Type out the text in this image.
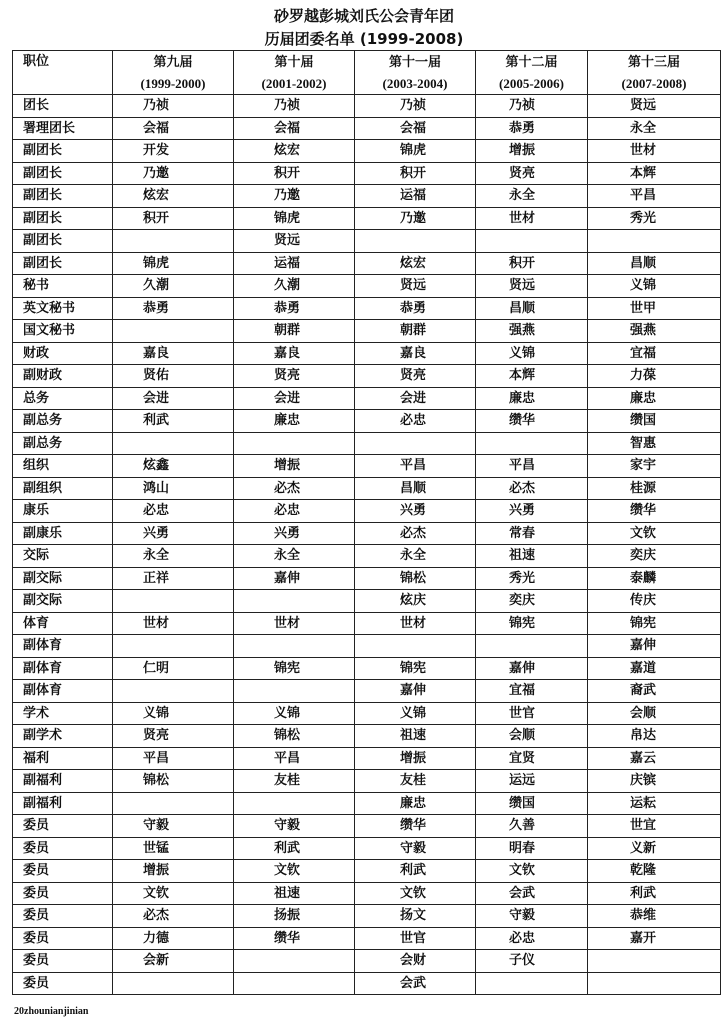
砂罗越彭城刘氏公会青年团
历届团委名单 (1999-2008)
职位	第九届	第十届	第十一届	第十二届	第十三届
	(1999-2000)	(2001-2002)	(2003-2004)	(2005-2006)	(2007-2008)
团长	乃祯	乃祯	乃祯	乃祯	贤远
署理团长	会福	会福	会福	恭勇	永全
副团长	开发	炫宏	锦虎	增振	世材
副团长	乃邀	积开	积开	贤亮	本辉
副团长	炫宏	乃邀	运福	永全	平昌
副团长	积开	锦虎	乃邀	世材	秀光
副团长		贤远			
副团长	锦虎	运福	炫宏	积开	昌顺
秘书	久潮	久潮	贤远	贤远	义锦
英文秘书	恭勇	恭勇	恭勇	昌顺	世甲
国文秘书		朝群	朝群	强燕	强燕
财政	嘉良	嘉良	嘉良	义锦	宜福
副财政	贤佑	贤亮	贤亮	本辉	力葆
总务	会进	会进	会进	廉忠	廉忠
副总务	利武	廉忠	必忠	缵华	缵国
副总务					智惠
组织	炫鑫	增振	平昌	平昌	家宇
副组织	鸿山	必杰	昌顺	必杰	桂源
康乐	必忠	必忠	兴勇	兴勇	缵华
副康乐	兴勇	兴勇	必杰	常春	文钦
交际	永全	永全	永全	祖速	奕庆
副交际	正祥	嘉伸	锦松	秀光	泰麟
副交际			炫庆	奕庆	传庆
体育	世材	世材	世材	锦宪	锦宪
副体育					嘉伸
副体育	仁明	锦宪	锦宪	嘉伸	嘉道
副体育			嘉伸	宜福	裔武
学术	义锦	义锦	义锦	世官	会顺
副学术	贤亮	锦松	祖速	会顺	帛达
福利	平昌	平昌	增振	宜贤	嘉云
副福利	锦松	友桂	友桂	运远	庆镔
副福利			廉忠	缵国	运耘
委员	守毅	守毅	缵华	久善	世宜
委员	世锰	利武	守毅	明春	义新
委员	增振	文钦	利武	文钦	乾隆
委员	文钦	祖速	文钦	会武	利武
委员	必杰	扬振	扬文	守毅	恭维
委员	力德	缵华	世官	必忠	嘉开
委员	会新		会财	子仪	
委员			会武		
20zhounianjinian
